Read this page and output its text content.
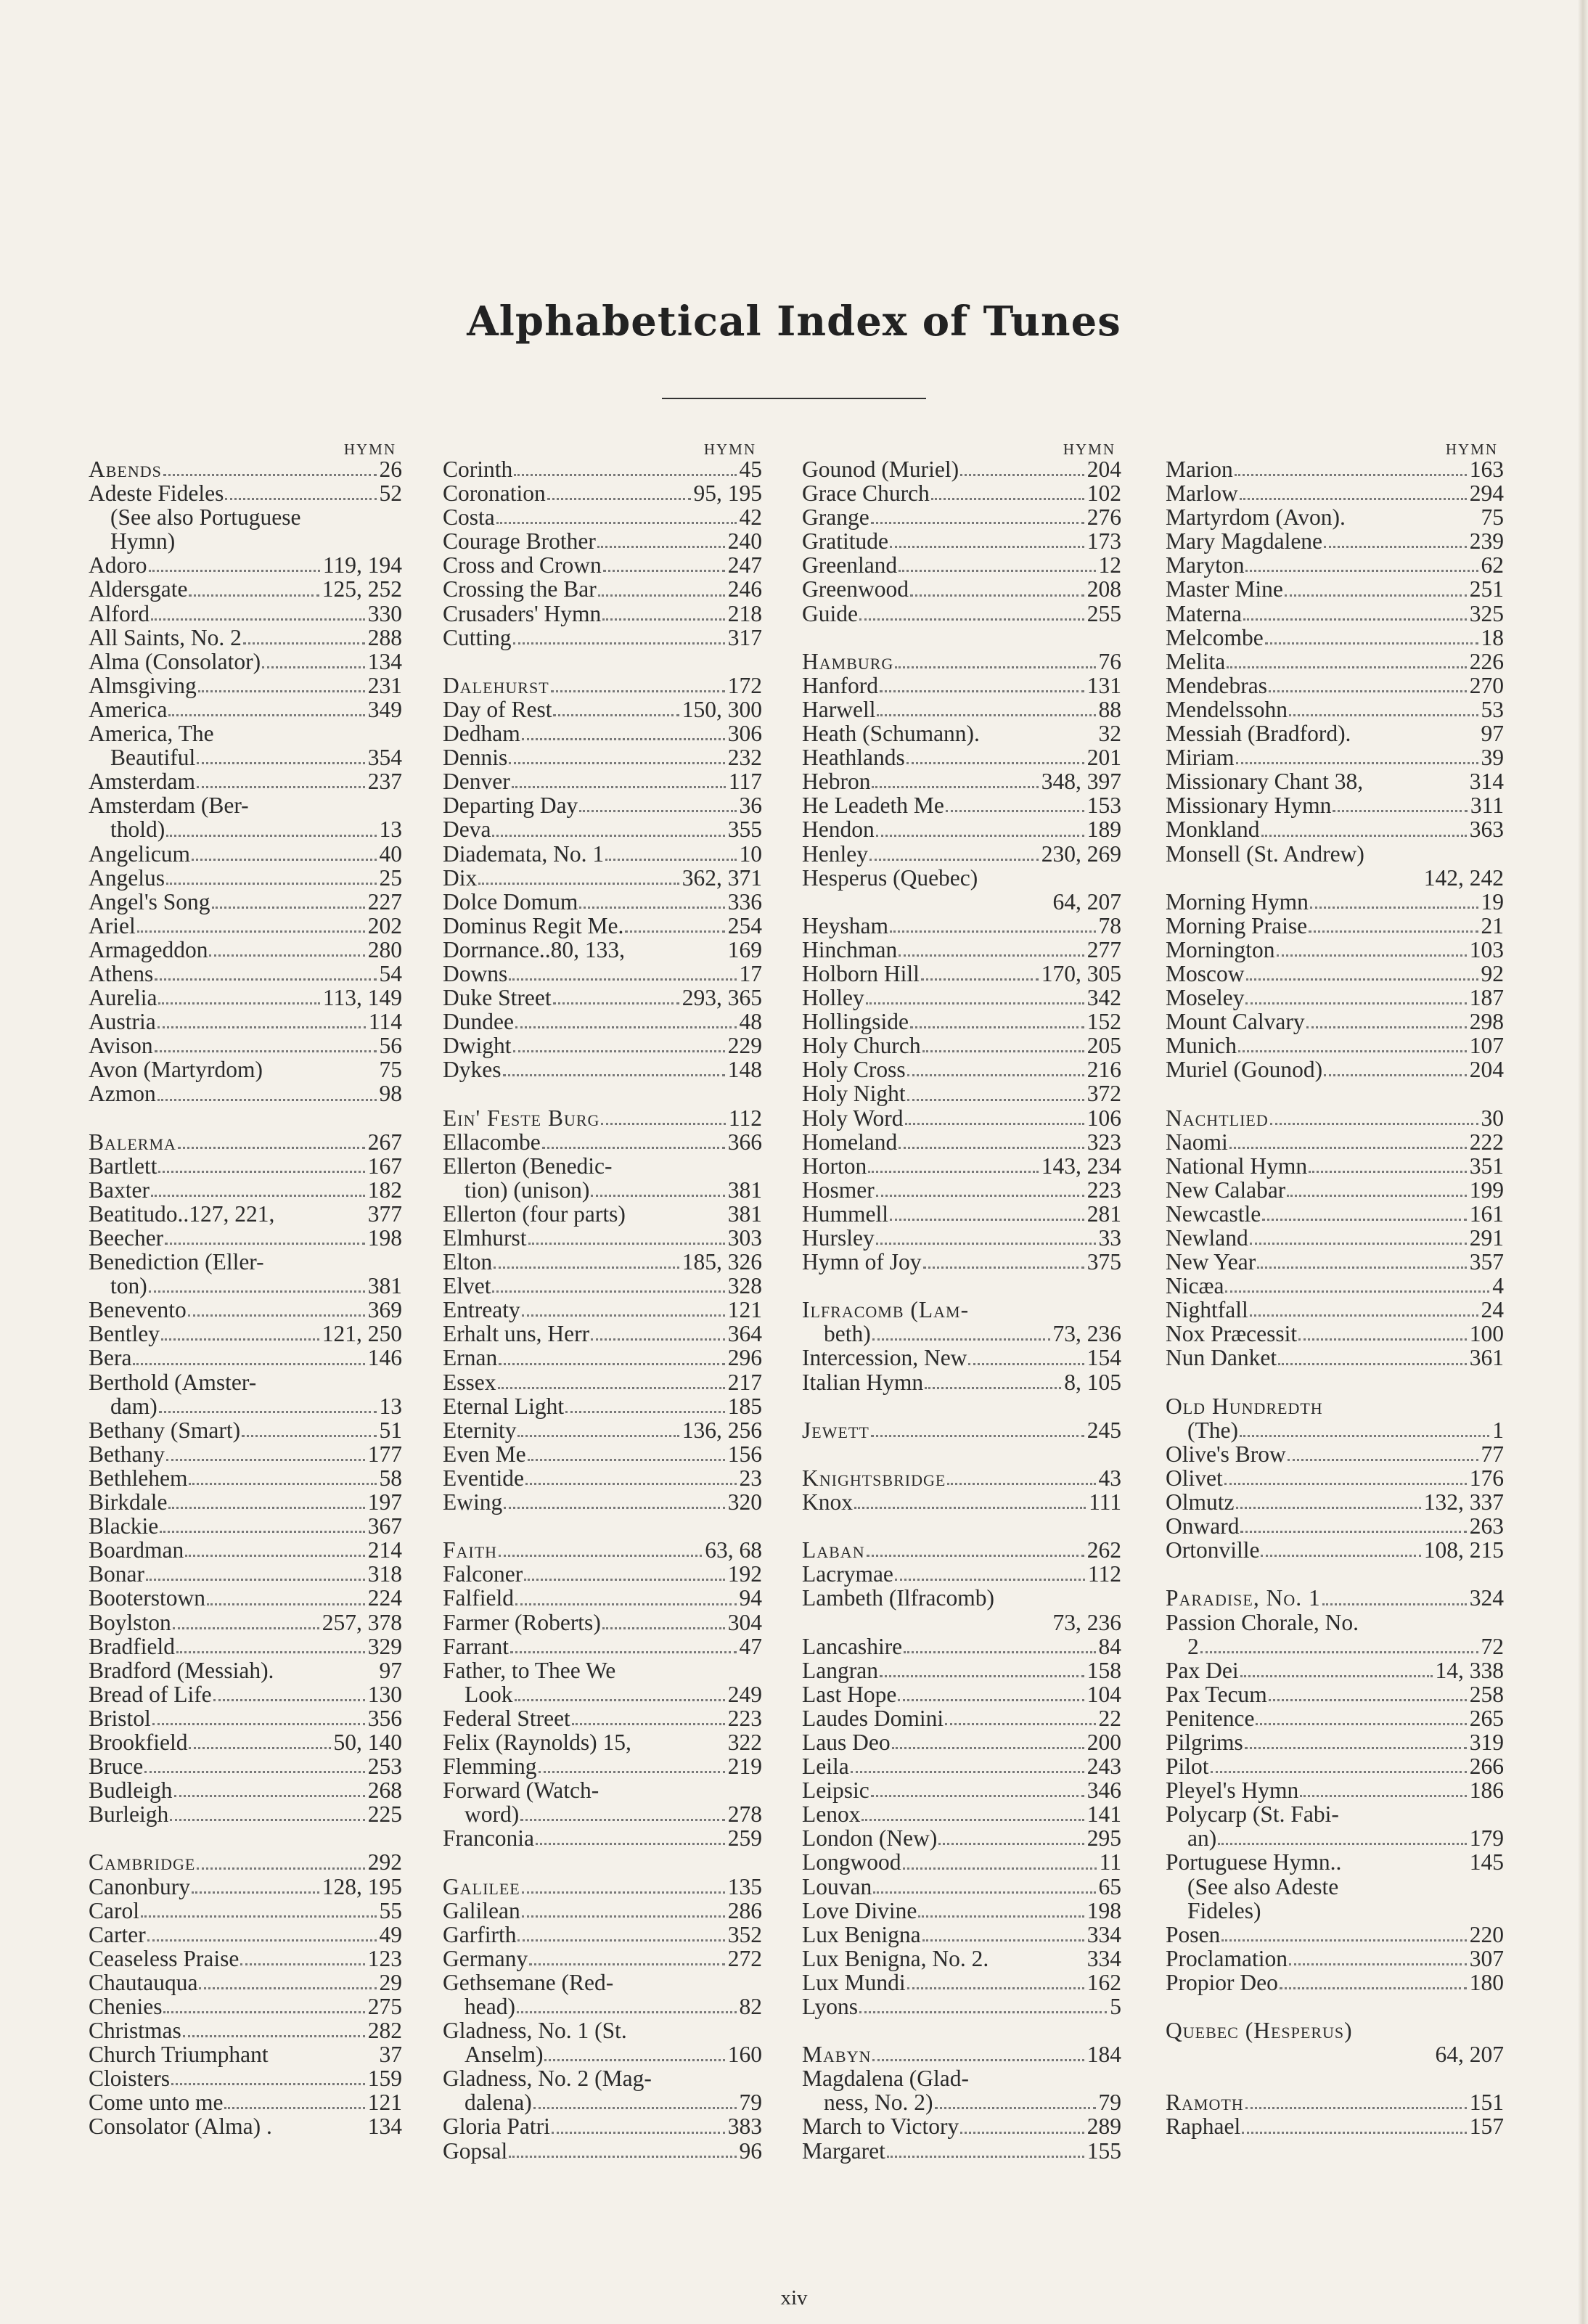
Alphabetical Index of Tunes
HYMN
Abends	26
Adeste Fideles	52
(See also Portuguese
Hymn)
Adoro	119, 194
Aldersgate	125, 252
Alford	330
All Saints, No. 2	288
Alma (Consolator)	134
Almsgiving	231
America	349
America, The
Beautiful	354
Amsterdam	237
Amsterdam (Ber-
thold)	13
Angelicum	40
Angelus	25
Angel's Song	227
Ariel	202
Armageddon	280
Athens	54
Aurelia	113, 149
Austria	114
Avison	56
Avon (Martyrdom)	75
Azmon	98
Balerma	267
Bartlett	167
Baxter	182
Beatitudo..127, 221,	377
Beecher	198
Benediction (Eller-
ton)	381
Benevento	369
Bentley	121, 250
Bera	146
Berthold (Amster-
dam)	13
Bethany (Smart)	51
Bethany	177
Bethlehem	58
Birkdale	197
Blackie	367
Boardman	214
Bonar	318
Booterstown	224
Boylston	257, 378
Bradfield	329
Bradford (Messiah).	97
Bread of Life	130
Bristol	356
Brookfield	50, 140
Bruce	253
Budleigh	268
Burleigh	225
Cambridge	292
Canonbury	128, 195
Carol	55
Carter	49
Ceaseless Praise	123
Chautauqua	29
Chenies	275
Christmas	282
Church Triumphant	37
Cloisters	159
Come unto me	121
Consolator (Alma) .	134
HYMN
Corinth	45
Coronation	95, 195
Costa	42
Courage Brother	240
Cross and Crown	247
Crossing the Bar	246
Crusaders' Hymn	218
Cutting	317
Dalehurst	172
Day of Rest	150, 300
Dedham	306
Dennis	232
Denver	117
Departing Day	36
Deva	355
Diademata, No. 1	10
Dix	362, 371
Dolce Domum	336
Dominus Regit Me.	254
Dorrnance..80, 133,	169
Downs	17
Duke Street	293, 365
Dundee	48
Dwight	229
Dykes	148
Ein' Feste Burg	112
Ellacombe	366
Ellerton (Benedic-
tion) (unison)	381
Ellerton (four parts)	381
Elmhurst	303
Elton	185, 326
Elvet	328
Entreaty	121
Erhalt uns, Herr	364
Ernan	296
Essex	217
Eternal Light	185
Eternity	136, 256
Even Me	156
Eventide	23
Ewing	320
Faith	63, 68
Falconer	192
Falfield	94
Farmer (Roberts)	304
Farrant	47
Father, to Thee We
Look	249
Federal Street	223
Felix (Raynolds) 15,	322
Flemming	219
Forward (Watch-
word)	278
Franconia	259
Galilee	135
Galilean	286
Garfirth	352
Germany	272
Gethsemane (Red-
head)	82
Gladness, No. 1 (St.
Anselm)	160
Gladness, No. 2 (Mag-
dalena)	79
Gloria Patri	383
Gopsal	96
HYMN
Gounod (Muriel)	204
Grace Church	102
Grange	276
Gratitude	173
Greenland	12
Greenwood	208
Guide	255
Hamburg	76
Hanford	131
Harwell	88
Heath (Schumann).	32
Heathlands	201
Hebron	348, 397
He Leadeth Me	153
Hendon	189
Henley	230, 269
Hesperus (Quebec)
64, 207
Heysham	78
Hinchman	277
Holborn Hill	170, 305
Holley	342
Hollingside	152
Holy Church	205
Holy Cross	216
Holy Night	372
Holy Word	106
Homeland	323
Horton	143, 234
Hosmer	223
Hummell	281
Hursley	33
Hymn of Joy	375
Ilfracomb (Lam-
beth)	73, 236
Intercession, New	154
Italian Hymn	8, 105
Jewett	245
Knightsbridge	43
Knox	111
Laban	262
Lacrymae	112
Lambeth (Ilfracomb)
73, 236
Lancashire	84
Langran	158
Last Hope	104
Laudes Domini	22
Laus Deo	200
Leila	243
Leipsic	346
Lenox	141
London (New)	295
Longwood	11
Louvan	65
Love Divine	198
Lux Benigna	334
Lux Benigna, No. 2.	334
Lux Mundi	162
Lyons	5
Mabyn	184
Magdalena (Glad-
ness, No. 2)	79
March to Victory	289
Margaret	155
HYMN
Marion	163
Marlow	294
Martyrdom (Avon).	75
Mary Magdalene	239
Maryton	62
Master Mine	251
Materna	325
Melcombe	18
Melita	226
Mendebras	270
Mendelssohn	53
Messiah (Bradford).	97
Miriam	39
Missionary Chant 38,	314
Missionary Hymn	311
Monkland	363
Monsell (St. Andrew)
142, 242
Morning Hymn	19
Morning Praise	21
Mornington	103
Moscow	92
Moseley	187
Mount Calvary	298
Munich	107
Muriel (Gounod)	204
Nachtlied	30
Naomi	222
National Hymn	351
New Calabar	199
Newcastle	161
Newland	291
New Year	357
Nicæa	4
Nightfall	24
Nox Præcessit	100
Nun Danket	361
Old Hundredth
(The)	1
Olive's Brow	77
Olivet	176
Olmutz	132, 337
Onward	263
Ortonville	108, 215
Paradise, No. 1	324
Passion Chorale, No.
2	72
Pax Dei	14, 338
Pax Tecum	258
Penitence	265
Pilgrims	319
Pilot	266
Pleyel's Hymn	186
Polycarp (St. Fabi-
an)	179
Portuguese Hymn..	145
(See also Adeste
Fideles)
Posen	220
Proclamation	307
Propior Deo	180
Quebec (Hesperus)
64, 207
Ramoth	151
Raphael	157
xiv
